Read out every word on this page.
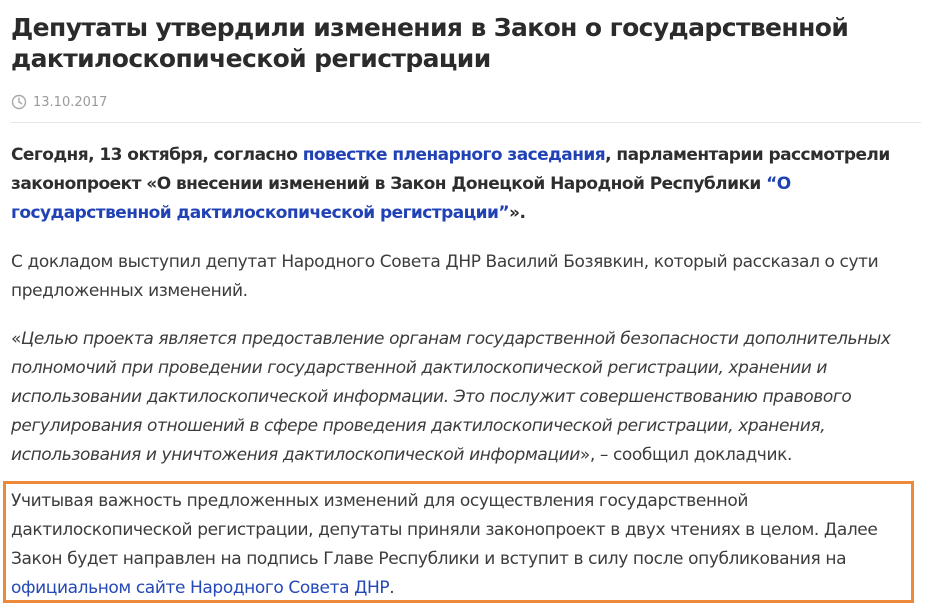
Депутаты утвердили изменения в Закон о государственной дактилоскопической регистрации
13.10.2017

Сегодня, 13 октября, согласно повестке пленарного заседания, парламентарии рассмотрели законопроект «О внесении изменений в Закон Донецкой Народной Республики “О государственной дактилоскопической регистрации”».

С докладом выступил депутат Народного Совета ДНР Василий Бозявкин, который рассказал о сути предложенных изменений.

«Целью проекта является предоставление органам государственной безопасности дополнительных полномочий при проведении государственной дактилоскопической регистрации, хранении и использовании дактилоскопической информации. Это послужит совершенствованию правового регулирования отношений в сфере проведения дактилоскопической регистрации, хранения, использования и уничтожения дактилоскопической информации», – сообщил докладчик.

Учитывая важность предложенных изменений для осуществления государственной дактилоскопической регистрации, депутаты приняли законопроект в двух чтениях в целом. Далее Закон будет направлен на подпись Главе Республики и вступит в силу после опубликования на официальном сайте Народного Совета ДНР.
